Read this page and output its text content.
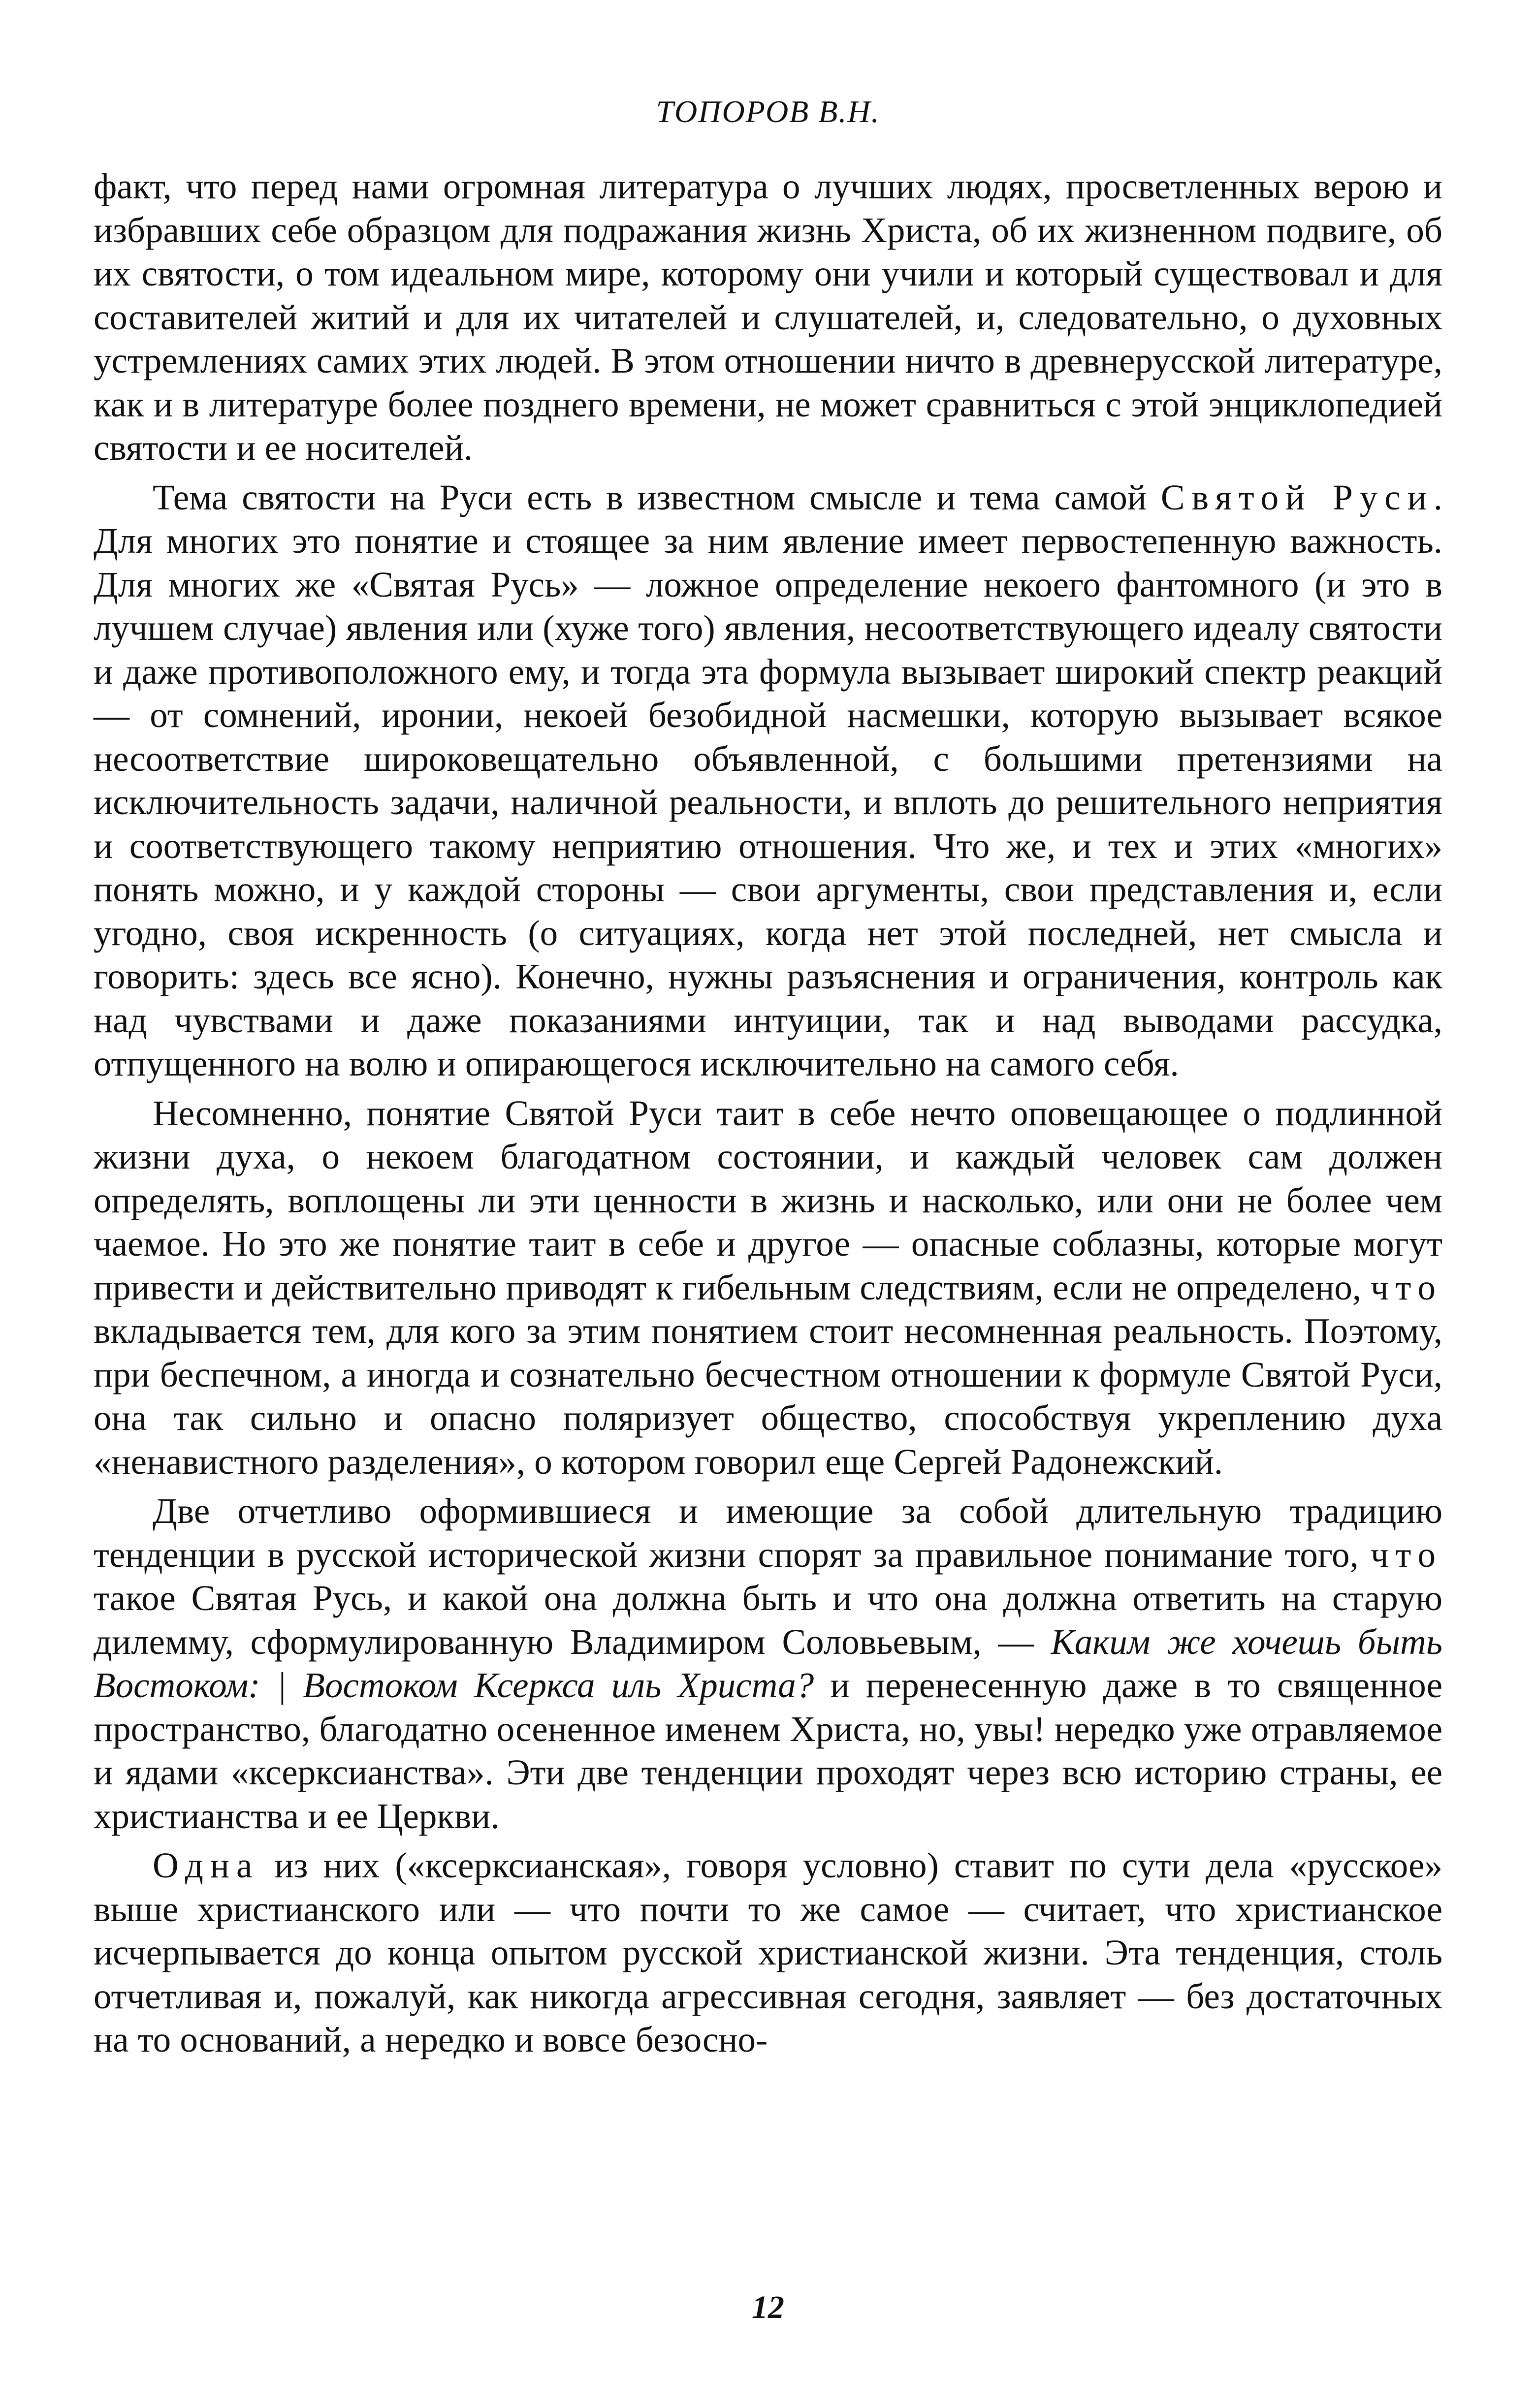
ТОПОРОВ В.Н.

факт, что перед нами огромная литература о лучших людях, просветленных верою и избравших себе образцом для подражания жизнь Христа, об их жизненном подвиге, об их святости, о том идеальном мире, которому они учили и который существовал и для составителей житий и для их читателей и слушателей, и, следовательно, о духовных устремлениях самих этих людей. В этом отношении ничто в древнерусской литературе, как и в литературе более позднего времени, не может сравниться с этой энциклопедией святости и ее носителей.

Тема святости на Руси есть в известном смысле и тема самой Святой Руси. Для многих это понятие и стоящее за ним явление имеет первостепенную важность. Для многих же «Святая Русь» — ложное определение некоего фантомного (и это в лучшем случае) явления или (хуже того) явления, несоответствующего идеалу святости и даже противоположного ему, и тогда эта формула вызывает широкий спектр реакций — от сомнений, иронии, некоей безобидной насмешки, которую вызывает всякое несоответствие широковещательно объявленной, с большими претензиями на исключительность задачи, наличной реальности, и вплоть до решительного неприятия и соответствующего такому неприятию отношения. Что же, и тех и этих «многих» понять можно, и у каждой стороны — свои аргументы, свои представления и, если угодно, своя искренность (о ситуациях, когда нет этой последней, нет смысла и говорить: здесь все ясно). Конечно, нужны разъяснения и ограничения, контроль как над чувствами и даже показаниями интуиции, так и над выводами рассудка, отпущенного на волю и опирающегося исключительно на самого себя.

Несомненно, понятие Святой Руси таит в себе нечто оповещающее о подлинной жизни духа, о некоем благодатном состоянии, и каждый человек сам должен определять, воплощены ли эти ценности в жизнь и насколько, или они не более чем чаемое. Но это же понятие таит в себе и другое — опасные соблазны, которые могут привести и действительно приводят к гибельным следствиям, если не определено, что вкладывается тем, для кого за этим понятием стоит несомненная реальность. Поэтому, при беспечном, а иногда и сознательно бесчестном отношении к формуле Святой Руси, она так сильно и опасно поляризует общество, способствуя укреплению духа «ненавистного разделения», о котором говорил еще Сергей Радонежский.

Две отчетливо оформившиеся и имеющие за собой длительную традицию тенденции в русской исторической жизни спорят за правильное понимание того, что такое Святая Русь, и какой она должна быть и что она должна ответить на старую дилемму, сформулированную Владимиром Соловьевым, — Каким же хочешь быть Востоком: | Востоком Ксеркса иль Христа? и перенесенную даже в то священное пространство, благодатно осененное именем Христа, но, увы! нередко уже отравляемое и ядами «ксерксианства». Эти две тенденции проходят через всю историю страны, ее христианства и ее Церкви.

Одна из них («ксерксианская», говоря условно) ставит по сути дела «русское» выше христианского или — что почти то же самое — считает, что христианское исчерпывается до конца опытом русской христианской жизни. Эта тенденция, столь отчетливая и, пожалуй, как никогда агрессивная сегодня, заявляет — без достаточных на то оснований, а нередко и вовсе безосно-

12
